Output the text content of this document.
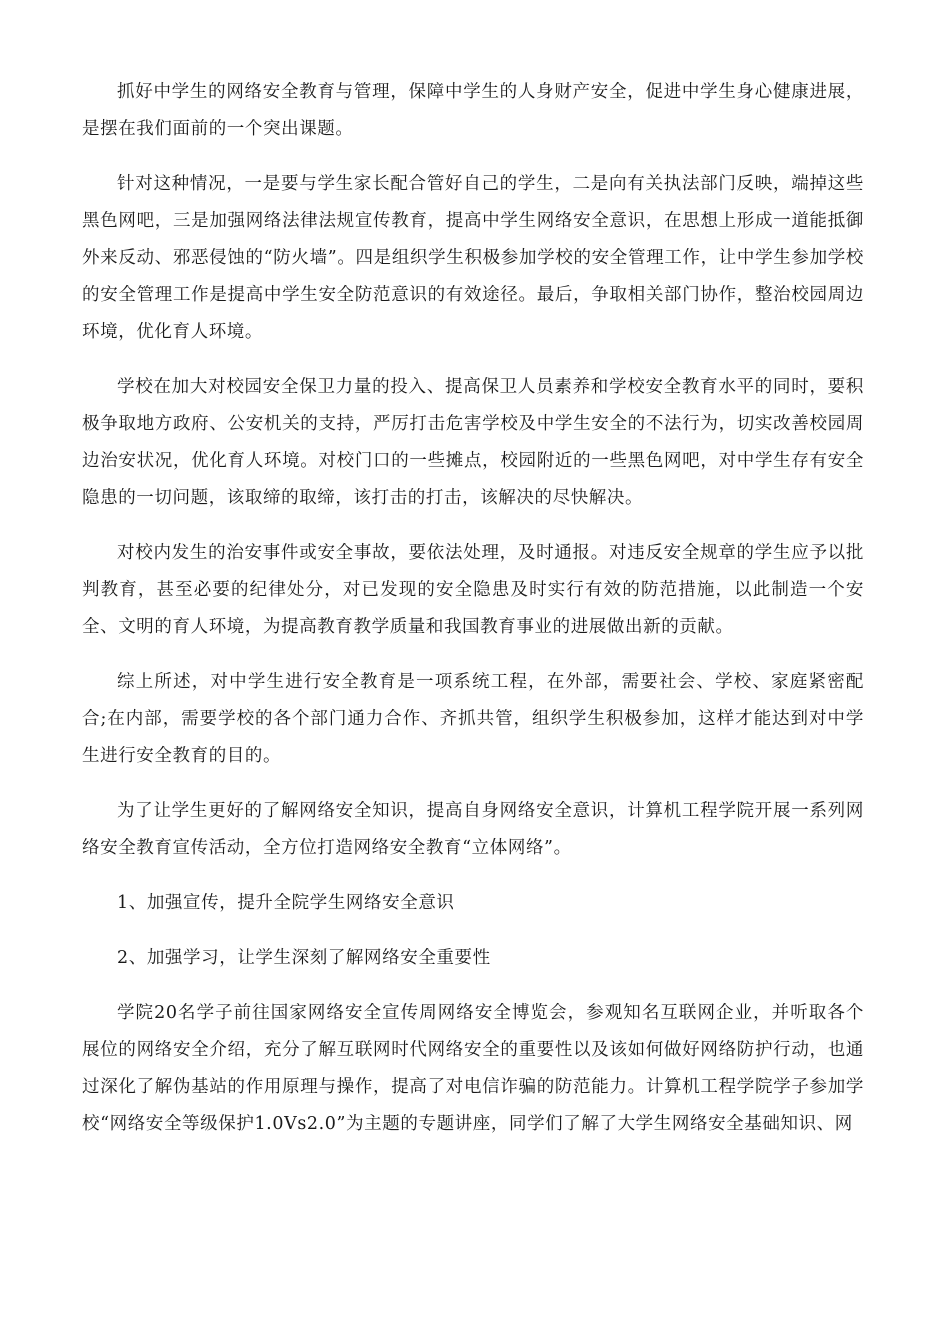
抓好中学生的网络安全教育与管理，保障中学生的人身财产安全，促进中学生身心健康进展，是摆在我们面前的一个突出课题。

针对这种情况，一是要与学生家长配合管好自己的学生，二是向有关执法部门反映，端掉这些黑色网吧，三是加强网络法律法规宣传教育，提高中学生网络安全意识，在思想上形成一道能抵御外来反动、邪恶侵蚀的“防火墙”。四是组织学生积极参加学校的安全管理工作，让中学生参加学校的安全管理工作是提高中学生安全防范意识的有效途径。最后，争取相关部门协作，整治校园周边环境，优化育人环境。

学校在加大对校园安全保卫力量的投入、提高保卫人员素养和学校安全教育水平的同时，要积极争取地方政府、公安机关的支持，严厉打击危害学校及中学生安全的不法行为，切实改善校园周边治安状况，优化育人环境。对校门口的一些摊点，校园附近的一些黑色网吧，对中学生存有安全隐患的一切问题，该取缔的取缔，该打击的打击，该解决的尽快解决。

对校内发生的治安事件或安全事故，要依法处理，及时通报。对违反安全规章的学生应予以批判教育，甚至必要的纪律处分，对已发现的安全隐患及时实行有效的防范措施，以此制造一个安全、文明的育人环境，为提高教育教学质量和我国教育事业的进展做出新的贡献。

综上所述，对中学生进行安全教育是一项系统工程，在外部，需要社会、学校、家庭紧密配合;在内部，需要学校的各个部门通力合作、齐抓共管，组织学生积极参加，这样才能达到对中学生进行安全教育的目的。

为了让学生更好的了解网络安全知识，提高自身网络安全意识，计算机工程学院开展一系列网络安全教育宣传活动，全方位打造网络安全教育“立体网络”。

1、加强宣传，提升全院学生网络安全意识

2、加强学习，让学生深刻了解网络安全重要性

学院20名学子前往国家网络安全宣传周网络安全博览会，参观知名互联网企业，并听取各个展位的网络安全介绍，充分了解互联网时代网络安全的重要性以及该如何做好网络防护行动，也通过深化了解伪基站的作用原理与操作，提高了对电信诈骗的防范能力。计算机工程学院学子参加学校“网络安全等级保护1.0Vs2.0”为主题的专题讲座，同学们了解了大学生网络安全基础知识、网
